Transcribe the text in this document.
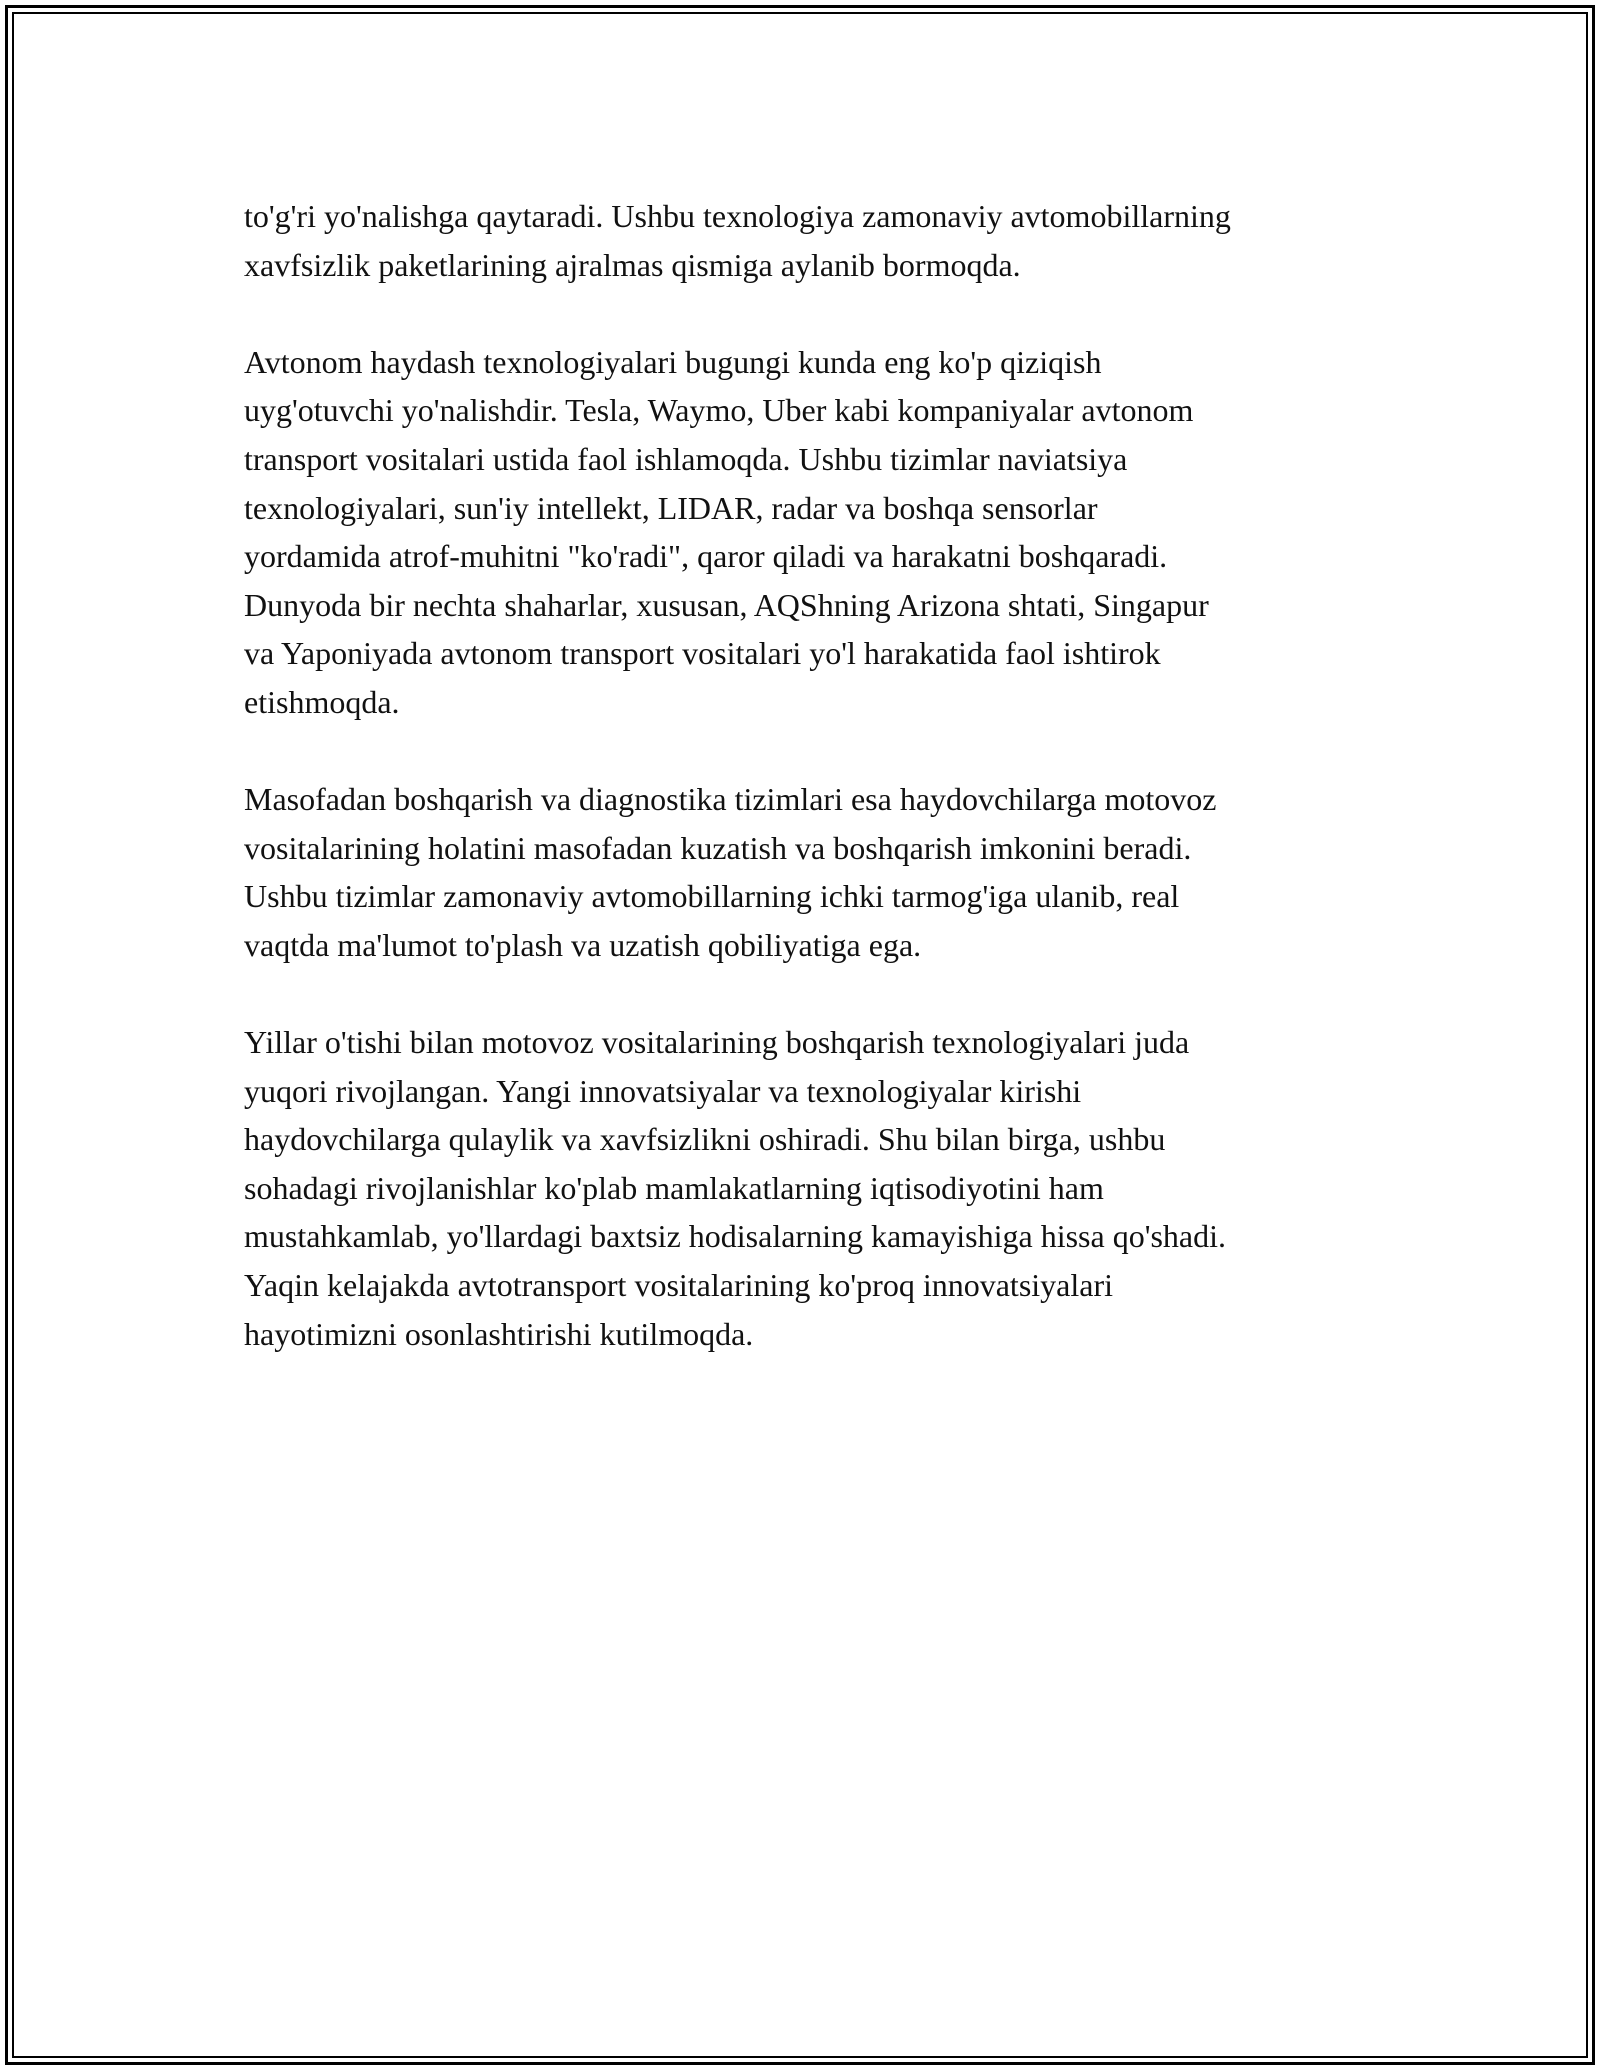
to'g'ri yo'nalishga qaytaradi. Ushbu texnologiya zamonaviy avtomobillarning
xavfsizlik paketlarining ajralmas qismiga aylanib bormoqda.

Avtonom haydash texnologiyalari bugungi kunda eng ko'p qiziqish
uyg'otuvchi yo'nalishdir. Tesla, Waymo, Uber kabi kompaniyalar avtonom
transport vositalari ustida faol ishlamoqda. Ushbu tizimlar naviatsiya
texnologiyalari, sun'iy intellekt, LIDAR, radar va boshqa sensorlar
yordamida atrof-muhitni "ko'radi", qaror qiladi va harakatni boshqaradi.
Dunyoda bir nechta shaharlar, xususan, AQShning Arizona shtati, Singapur
va Yaponiyada avtonom transport vositalari yo'l harakatida faol ishtirok
etishmoqda.

Masofadan boshqarish va diagnostika tizimlari esa haydovchilarga motovoz
vositalarining holatini masofadan kuzatish va boshqarish imkonini beradi.
Ushbu tizimlar zamonaviy avtomobillarning ichki tarmog'iga ulanib, real
vaqtda ma'lumot to'plash va uzatish qobiliyatiga ega.

Yillar o'tishi bilan motovoz vositalarining boshqarish texnologiyalari juda
yuqori rivojlangan. Yangi innovatsiyalar va texnologiyalar kirishi
haydovchilarga qulaylik va xavfsizlikni oshiradi. Shu bilan birga, ushbu
sohadagi rivojlanishlar ko'plab mamlakatlarning iqtisodiyotini ham
mustahkamlab, yo'llardagi baxtsiz hodisalarning kamayishiga hissa qo'shadi.
Yaqin kelajakda avtotransport vositalarining ko'proq innovatsiyalari
hayotimizni osonlashtirishi kutilmoqda.
